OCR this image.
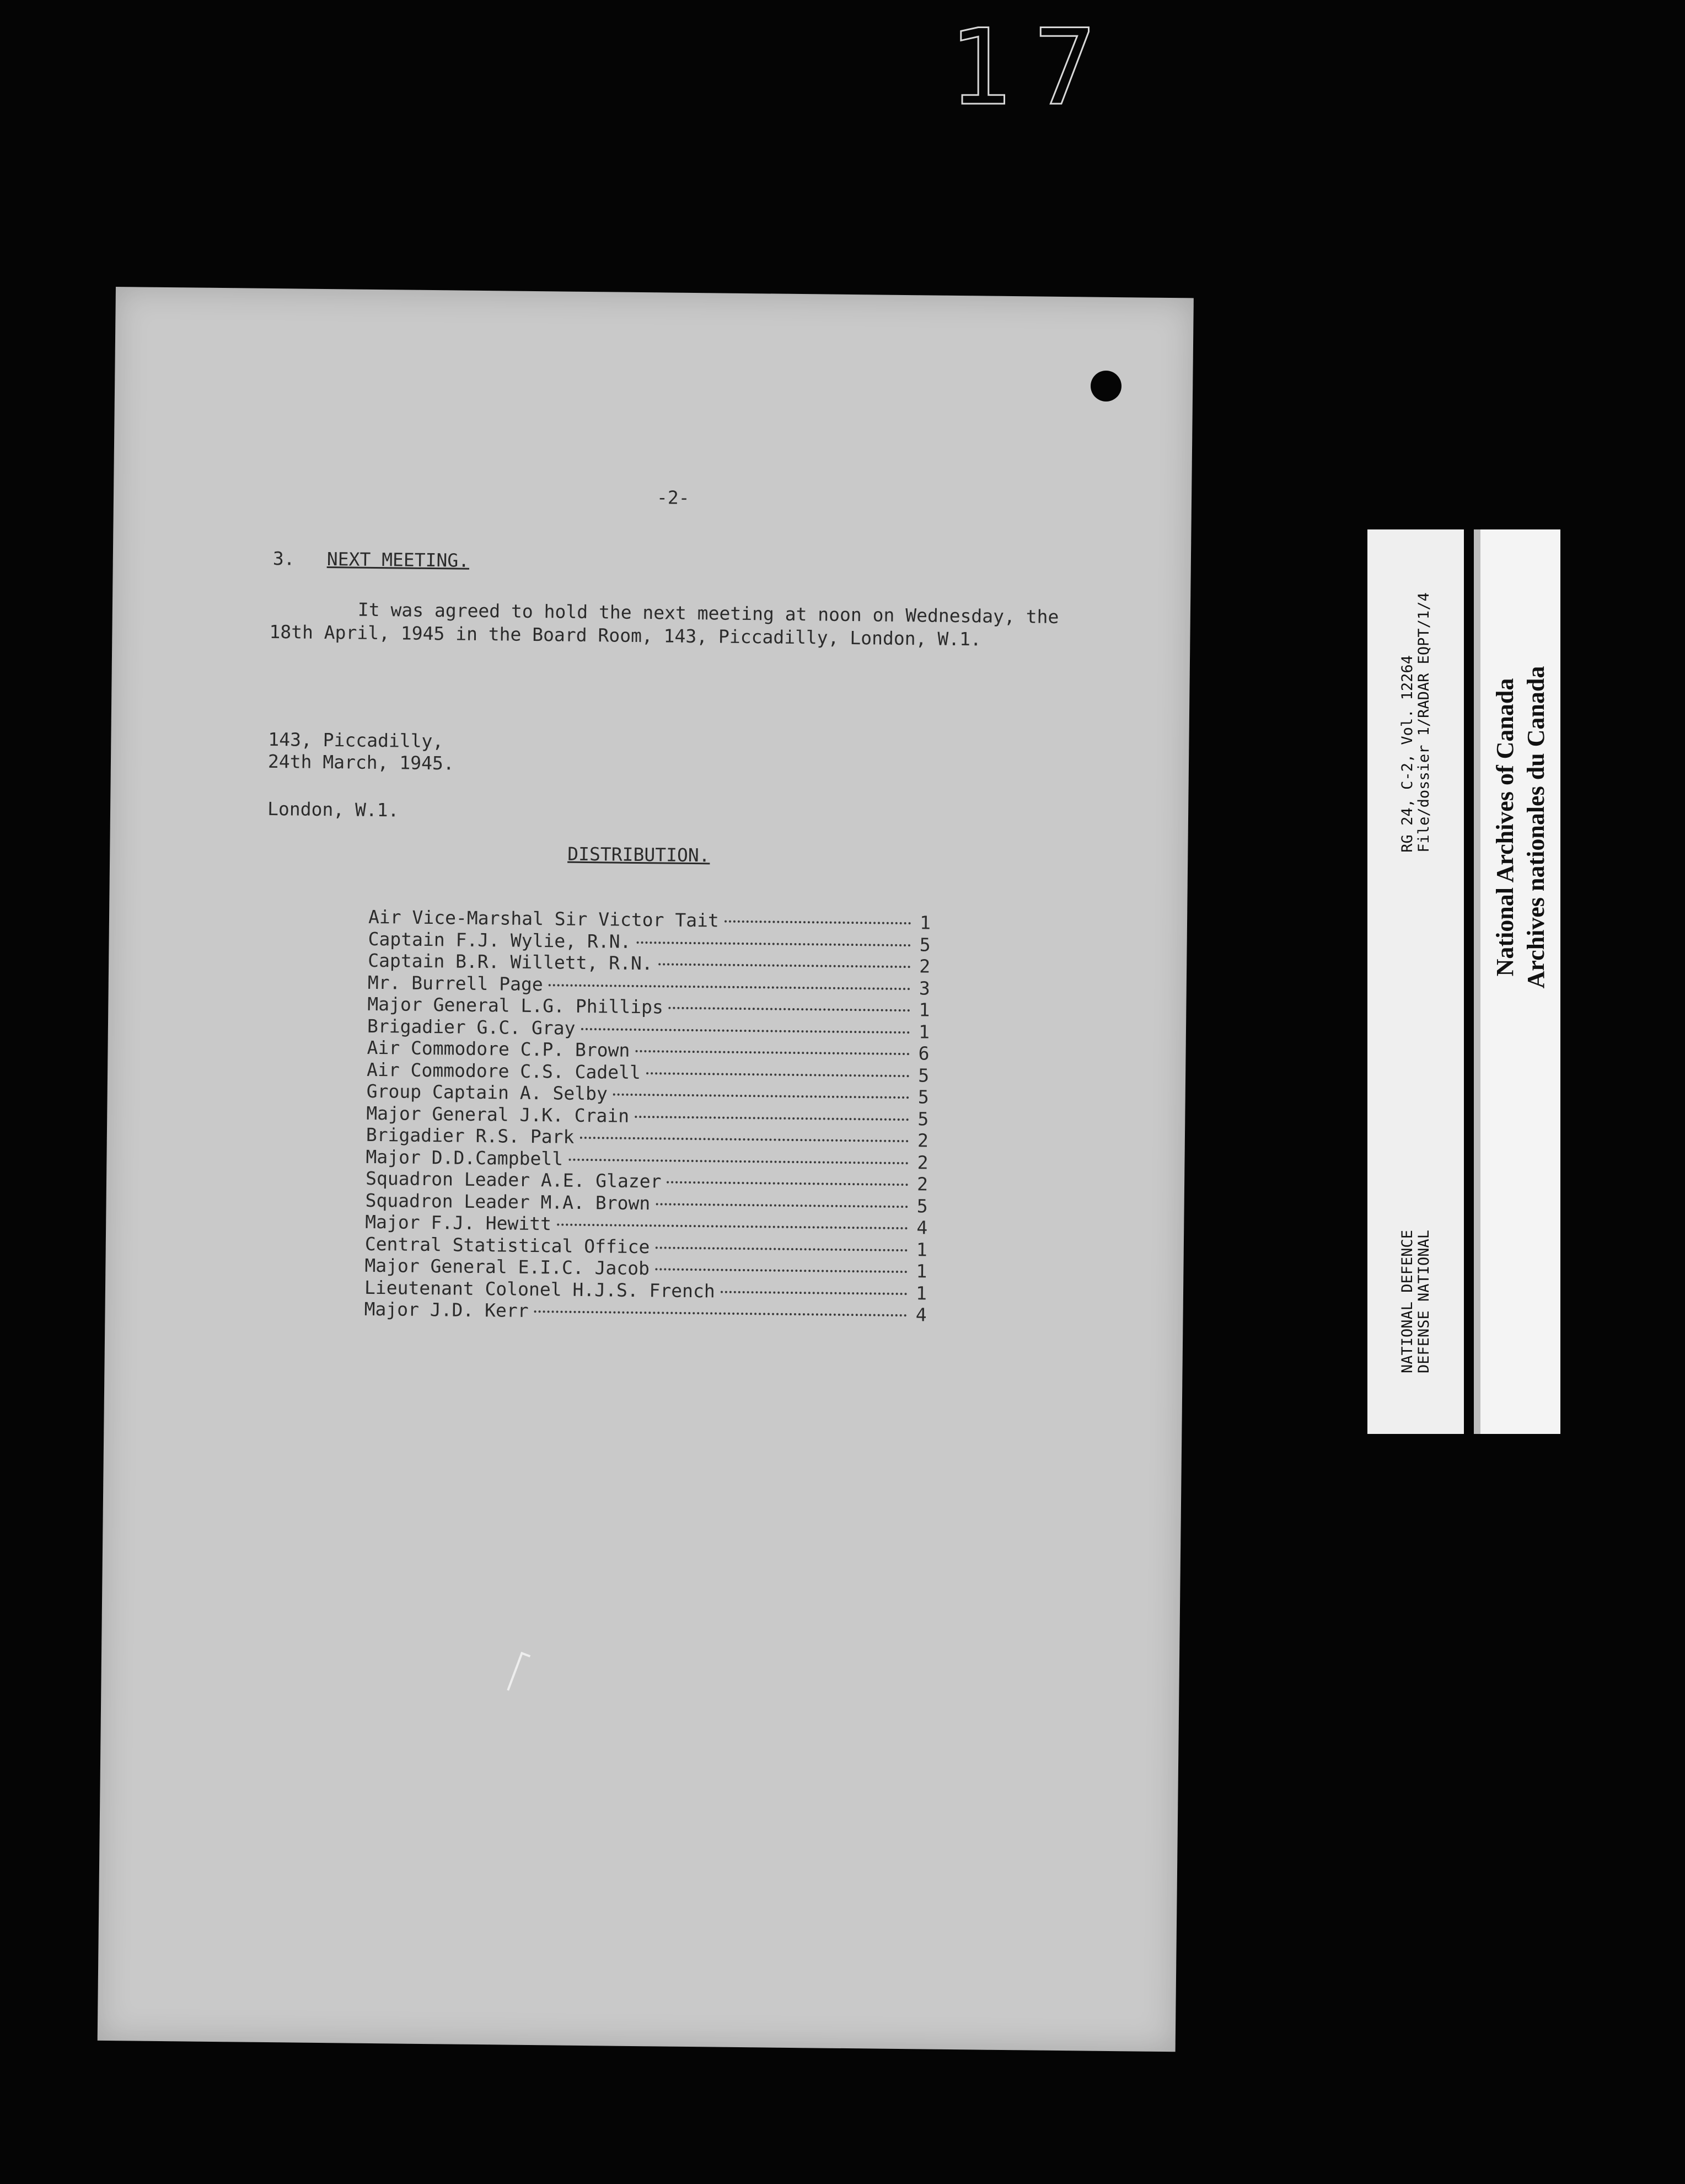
17
-2-
3. NEXT MEETING.
It was agreed to hold the next meeting at noon on Wednesday, the
18th April, 1945 in the Board Room, 143, Piccadilly, London, W.1.

143, Piccadilly,

London, W.1.

24th March, 1945.
DISTRIBUTION.
Air Vice-Marshal Sir Victor Tait	1
Captain F.J. Wylie, R.N.	5
Captain B.R. Willett, R.N.	2
Mr. Burrell Page	3
Major General L.G. Phillips	1
Brigadier G.C. Gray	1
Air Commodore C.P. Brown	6
Air Commodore C.S. Cadell	5
Group Captain A. Selby	5
Major General J.K. Crain	5
Brigadier R.S. Park	2
Major D.D.Campbell	2
Squadron Leader A.E. Glazer	2
Squadron Leader M.A. Brown	5
Major F.J. Hewitt	4
Central Statistical Office	1
Major General E.I.C. Jacob	1
Lieutenant Colonel H.J.S. French	1
Major J.D. Kerr	4
RG 24, C-2, Vol. 12264 File/dossier 1/RADAR EQPT/1/4
NATIONAL DEFENCE DEFENSE NATIONAL
National Archives of Canada Archives nationales du Canada
